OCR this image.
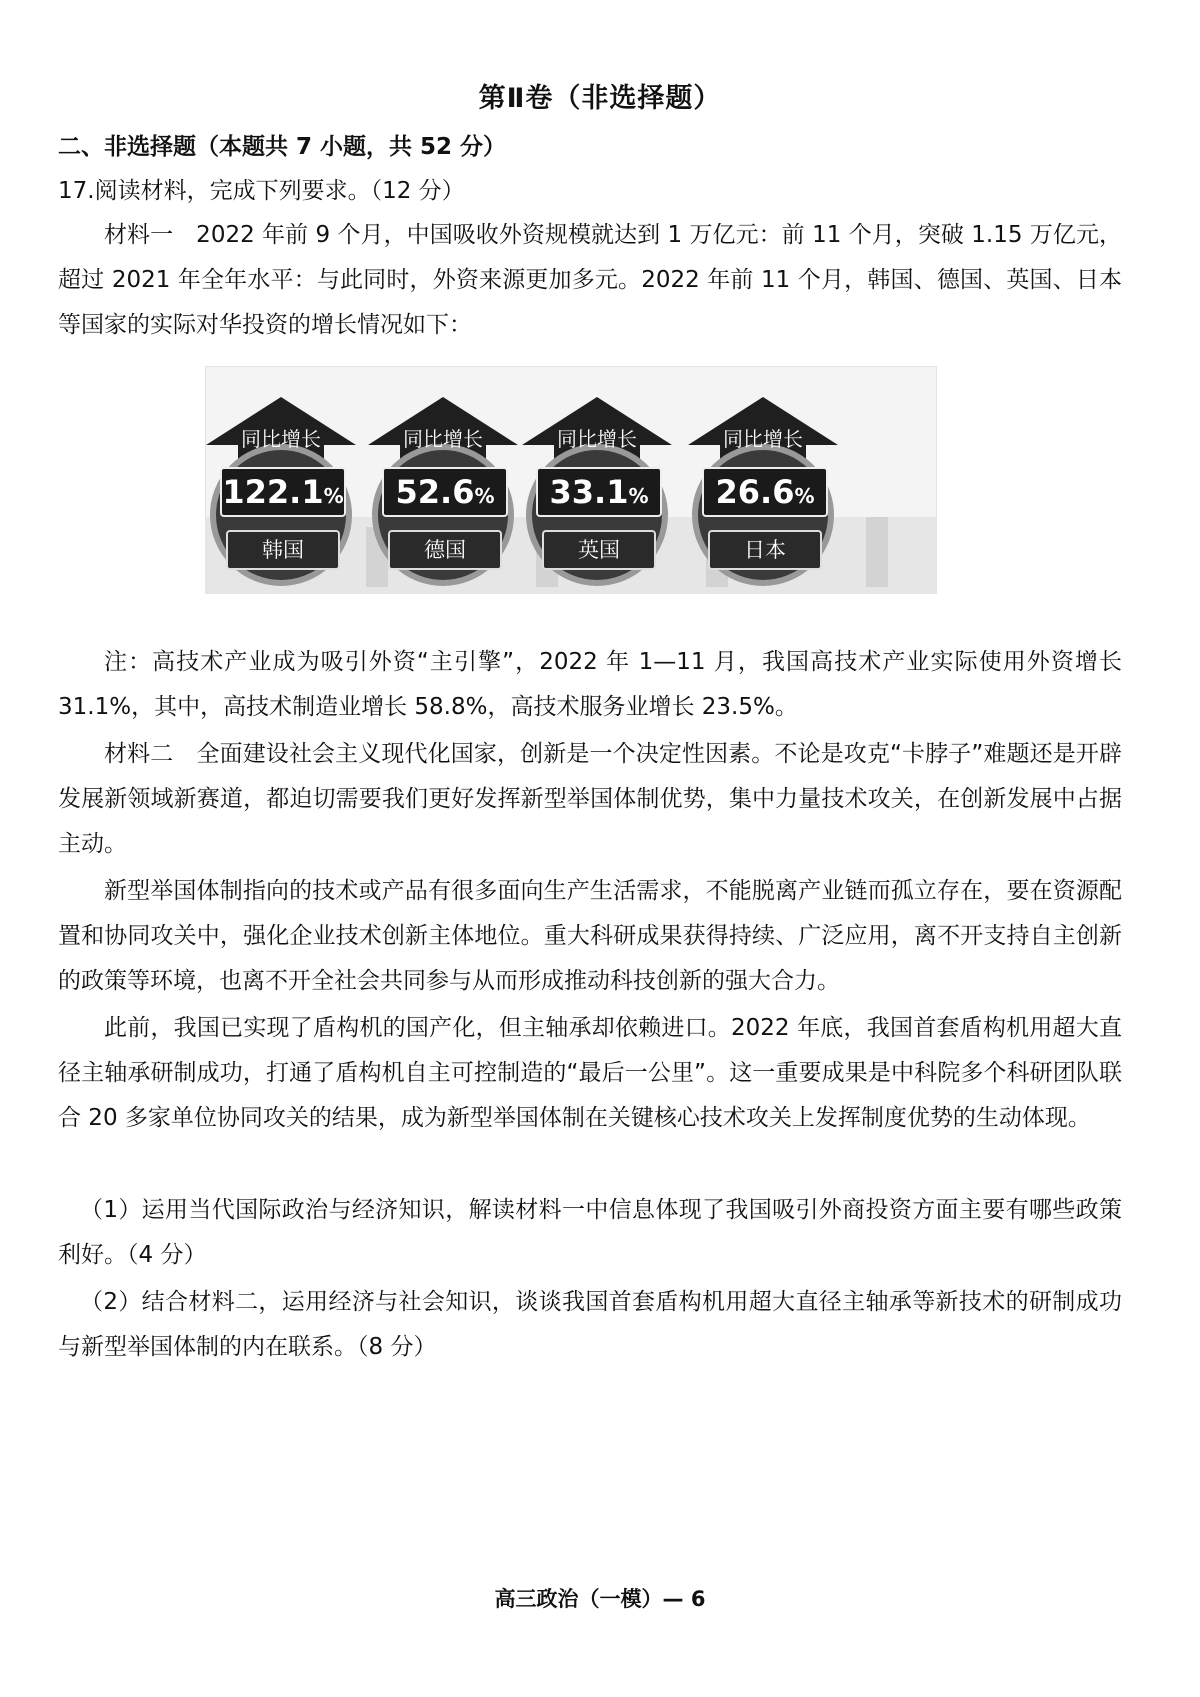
第Ⅱ卷（非选择题）
二、非选择题（本题共 7 小题，共 52 分）
17.阅读材料，完成下列要求。（12 分）
材料一　2022 年前 9 个月，中国吸收外资规模就达到 1 万亿元：前 11 个月，突破 1.15 万亿元，超过 2021 年全年水平：与此同时，外资来源更加多元。2022 年前 11 个月，韩国、德国、英国、日本等国家的实际对华投资的增长情况如下：
同比增长
122.1%
韩国
同比增长
52.6%
德国
同比增长
33.1%
英国
同比增长
26.6%
日本
注：高技术产业成为吸引外资“主引擎”，2022 年 1—11 月，我国高技术产业实际使用外资增长 31.1%，其中，高技术制造业增长 58.8%，高技术服务业增长 23.5%。
材料二　全面建设社会主义现代化国家，创新是一个决定性因素。不论是攻克“卡脖子”难题还是开辟发展新领域新赛道，都迫切需要我们更好发挥新型举国体制优势，集中力量技术攻关，在创新发展中占据主动。
新型举国体制指向的技术或产品有很多面向生产生活需求，不能脱离产业链而孤立存在，要在资源配置和协同攻关中，强化企业技术创新主体地位。重大科研成果获得持续、广泛应用，离不开支持自主创新的政策等环境，也离不开全社会共同参与从而形成推动科技创新的强大合力。
此前，我国已实现了盾构机的国产化，但主轴承却依赖进口。2022 年底，我国首套盾构机用超大直径主轴承研制成功，打通了盾构机自主可控制造的“最后一公里”。这一重要成果是中科院多个科研团队联合 20 多家单位协同攻关的结果，成为新型举国体制在关键核心技术攻关上发挥制度优势的生动体现。
（1）运用当代国际政治与经济知识，解读材料一中信息体现了我国吸引外商投资方面主要有哪些政策利好。（4 分）
（2）结合材料二，运用经济与社会知识，谈谈我国首套盾构机用超大直径主轴承等新技术的研制成功与新型举国体制的内在联系。（8 分）
高三政治（一模）— 6
